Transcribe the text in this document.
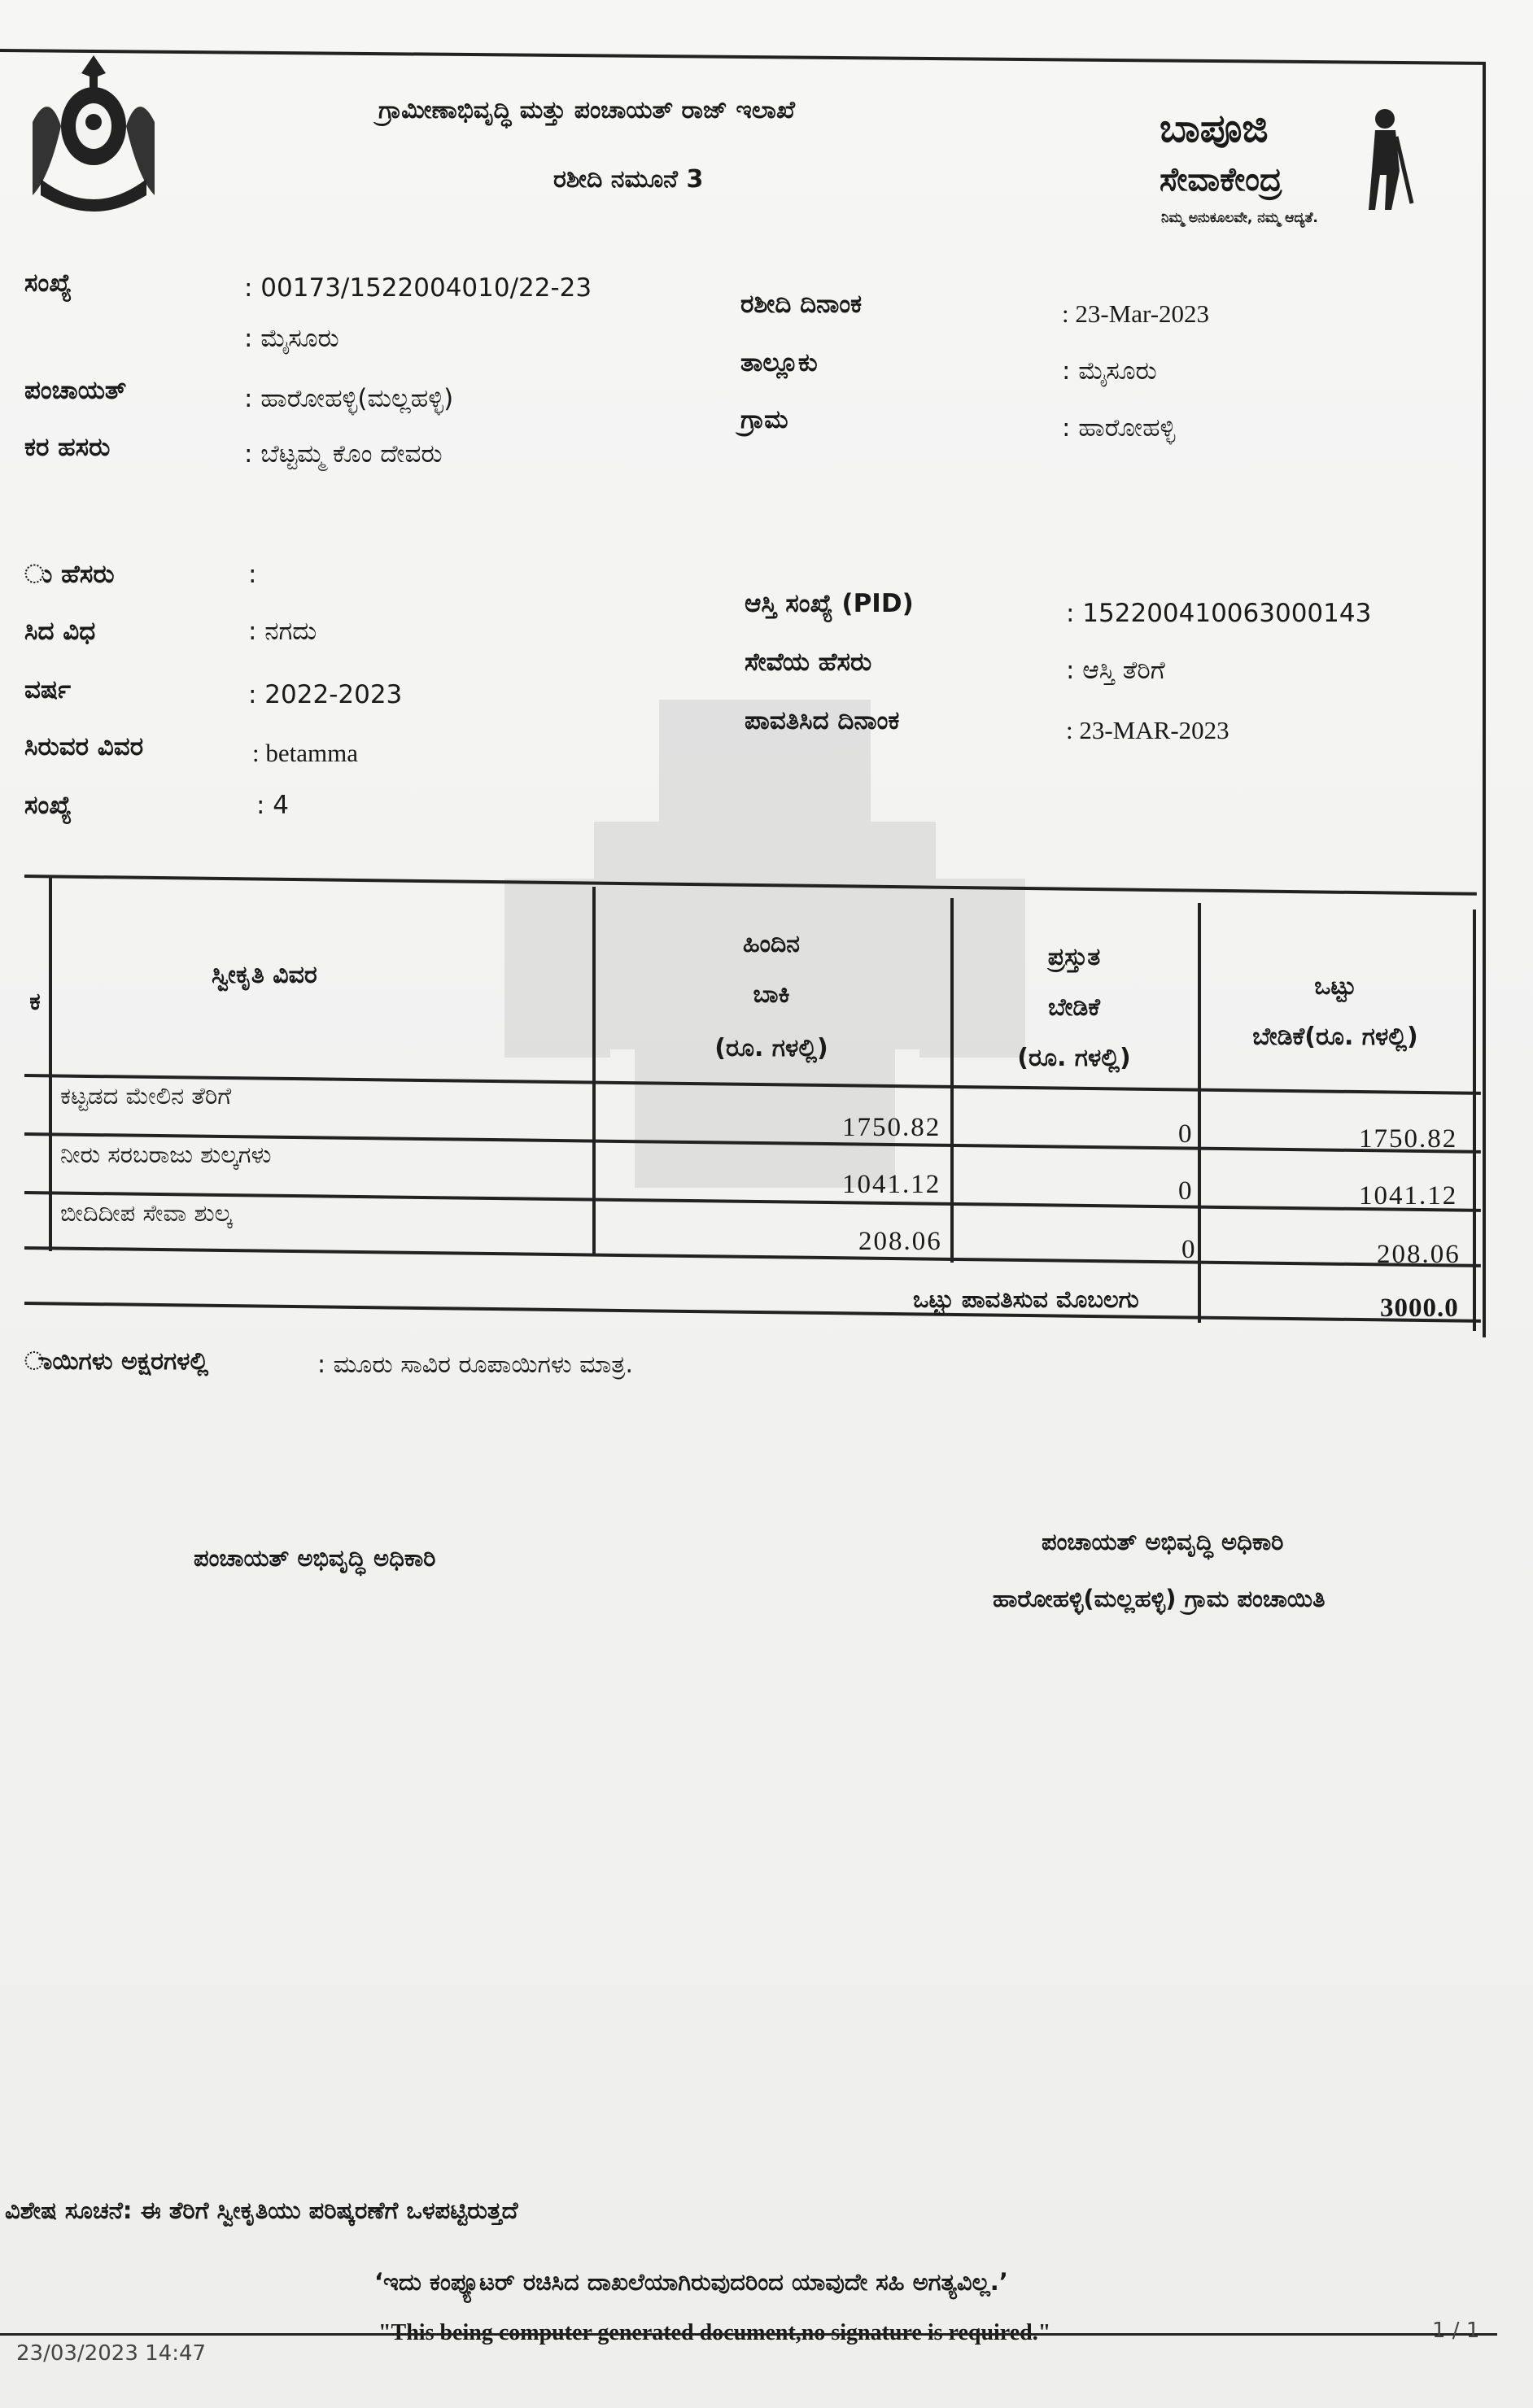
ಬಾಪೂಜಿ
ಸೇವಾಕೇಂದ್ರ
ನಿಮ್ಮ ಅನುಕೂಲವೇ, ನಮ್ಮ ಆದ್ಯತೆ.
ಗ್ರಾಮೀಣಾಭಿವೃದ್ಧಿ ಮತ್ತು ಪಂಚಾಯತ್ ರಾಜ್ ಇಲಾಖೆ
ರಶೀದಿ ನಮೂನೆ 3
ಸಂಖ್ಯೆ	: 00173/1522004010/22-23
: ಮೈಸೂರು
ಪಂಚಾಯತ್	: ಹಾರೋಹಳ್ಳಿ(ಮಲ್ಲಹಳ್ಳಿ)
ಕರ ಹಸರು	: ಬೆಟ್ಟಮ್ಮ ಕೊಂ ದೇವರು
ು ಹೆಸರು	:
ಸಿದ ವಿಧ	: ನಗದು
ವರ್ಷ	: 2022-2023
ಸಿರುವರ ವಿವರ	: betamma
ಸಂಖ್ಯೆ	: 4
ರಶೀದಿ ದಿನಾಂಕ	: 23-Mar-2023
ತಾಲ್ಲೂಕು	: ಮೈಸೂರು
ಗ್ರಾಮ	: ಹಾರೋಹಳ್ಳಿ
ಆಸ್ತಿ ಸಂಖ್ಯೆ (PID)	: 152200410063000143
ಸೇವೆಯ ಹೆಸರು	: ಆಸ್ತಿ ತೆರಿಗೆ
ಪಾವತಿಸಿದ ದಿನಾಂಕ	: 23-MAR-2023
ಕ
ಸ್ವೀಕೃತಿ ವಿವರ
ಹಿಂದಿನ
ಬಾಕಿ
(ರೂ. ಗಳಲ್ಲಿ)
ಪ್ರಸ್ತುತ
ಬೇಡಿಕೆ
(ರೂ. ಗಳಲ್ಲಿ)
ಒಟ್ಟು
ಬೇಡಿಕೆ(ರೂ. ಗಳಲ್ಲಿ)
ಕಟ್ಟಡದ ಮೇಲಿನ ತೆರಿಗೆ
1750.82	0	1750.82
ನೀರು ಸರಬರಾಜು ಶುಲ್ಕಗಳು
1041.12	0	1041.12
ಬೀದಿದೀಪ ಸೇವಾ ಶುಲ್ಕ
208.06	0	208.06
ಒಟ್ಟು ಪಾವತಿಸುವ ಮೊಬಲಗು	3000.0
ಾಯಿಗಳು ಅಕ್ಷರಗಳಲ್ಲಿ	: ಮೂರು ಸಾವಿರ ರೂಪಾಯಿಗಳು ಮಾತ್ರ.
ಪಂಚಾಯತ್ ಅಭಿವೃದ್ಧಿ ಅಧಿಕಾರಿ
ಪಂಚಾಯತ್ ಅಭಿವೃದ್ಧಿ ಅಧಿಕಾರಿ
ಹಾರೋಹಳ್ಳಿ(ಮಲ್ಲಹಳ್ಳಿ) ಗ್ರಾಮ ಪಂಚಾಯಿತಿ
ವಿಶೇಷ ಸೂಚನೆ: ಈ ತೆರಿಗೆ ಸ್ವೀಕೃತಿಯು ಪರಿಷ್ಕರಣೆಗೆ ಒಳಪಟ್ಟಿರುತ್ತದೆ
‘ಇದು ಕಂಪ್ಯೂಟರ್ ರಚಿಸಿದ ದಾಖಲೆಯಾಗಿರುವುದರಿಂದ ಯಾವುದೇ ಸಹಿ ಅಗತ್ಯವಿಲ್ಲ.’
"This being computer generated document,no signature is required."
23/03/2023 14:47
1 / 1
